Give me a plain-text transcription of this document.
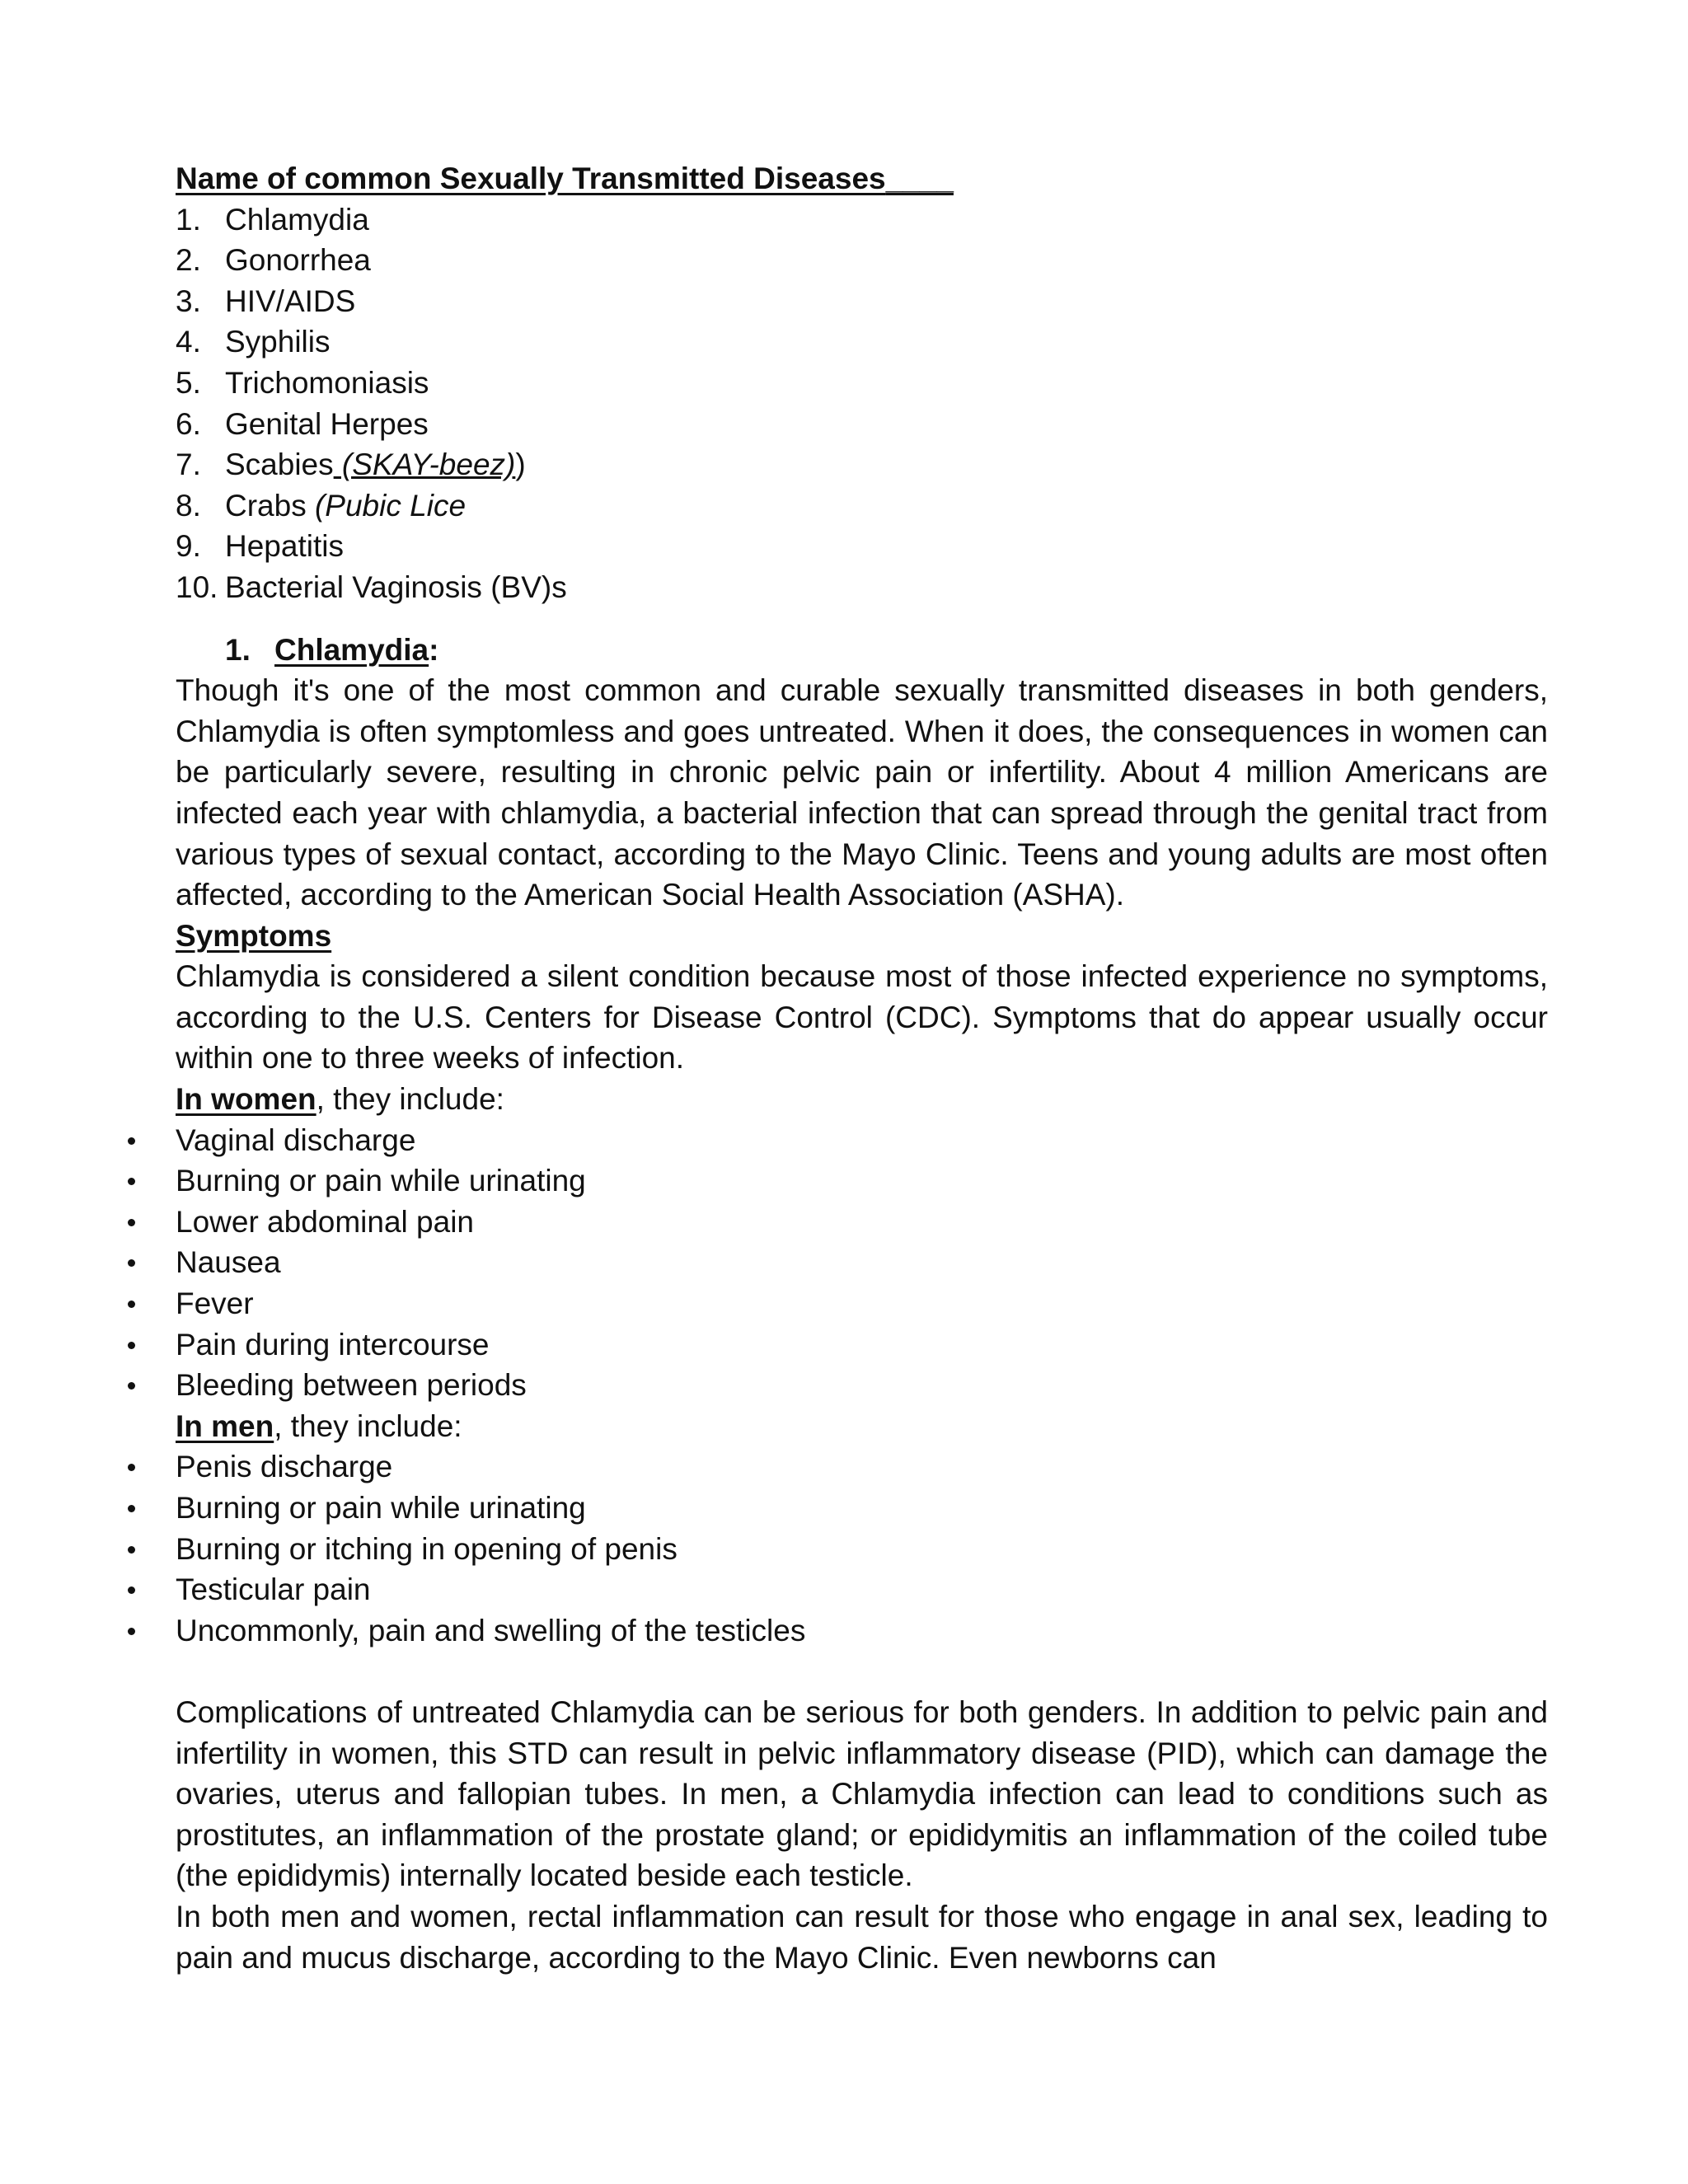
Name of common Sexually Transmitted Diseases____
1. Chlamydia
2. Gonorrhea
3. HIV/AIDS
4. Syphilis
5. Trichomoniasis
6. Genital Herpes
7. Scabies (SKAY-beez))
8. Crabs (Pubic Lice
9. Hepatitis
10. Bacterial Vaginosis (BV)s
1. Chlamydia:

Though it's one of the most common and curable sexually transmitted diseases in both genders, Chlamydia is often symptomless and goes untreated. When it does, the consequences in women can be particularly severe, resulting in chronic pelvic pain or infertility. About 4 million Americans are infected each year with chlamydia, a bacterial infection that can spread through the genital tract from various types of sexual contact, according to the Mayo Clinic. Teens and young adults are most often affected, according to the American Social Health Association (ASHA).

Symptoms

Chlamydia is considered a silent condition because most of those infected experience no symptoms, according to the U.S. Centers for Disease Control (CDC). Symptoms that do appear usually occur within one to three weeks of infection.

In women, they include:

Vaginal discharge
Burning or pain while urinating
Lower abdominal pain
Nausea
Fever
Pain during intercourse
Bleeding between periods

In men, they include:

Penis discharge
Burning or pain while urinating
Burning or itching in opening of penis
Testicular pain
Uncommonly, pain and swelling of the testicles

Complications of untreated Chlamydia can be serious for both genders. In addition to pelvic pain and infertility in women, this STD can result in pelvic inflammatory disease (PID), which can damage the ovaries, uterus and fallopian tubes. In men, a Chlamydia infection can lead to conditions such as prostitutes, an inflammation of the prostate gland; or epididymitis an inflammation of the coiled tube (the epididymis) internally located beside each testicle.

In both men and women, rectal inflammation can result for those who engage in anal sex, leading to pain and mucus discharge, according to the Mayo Clinic. Even newborns can
